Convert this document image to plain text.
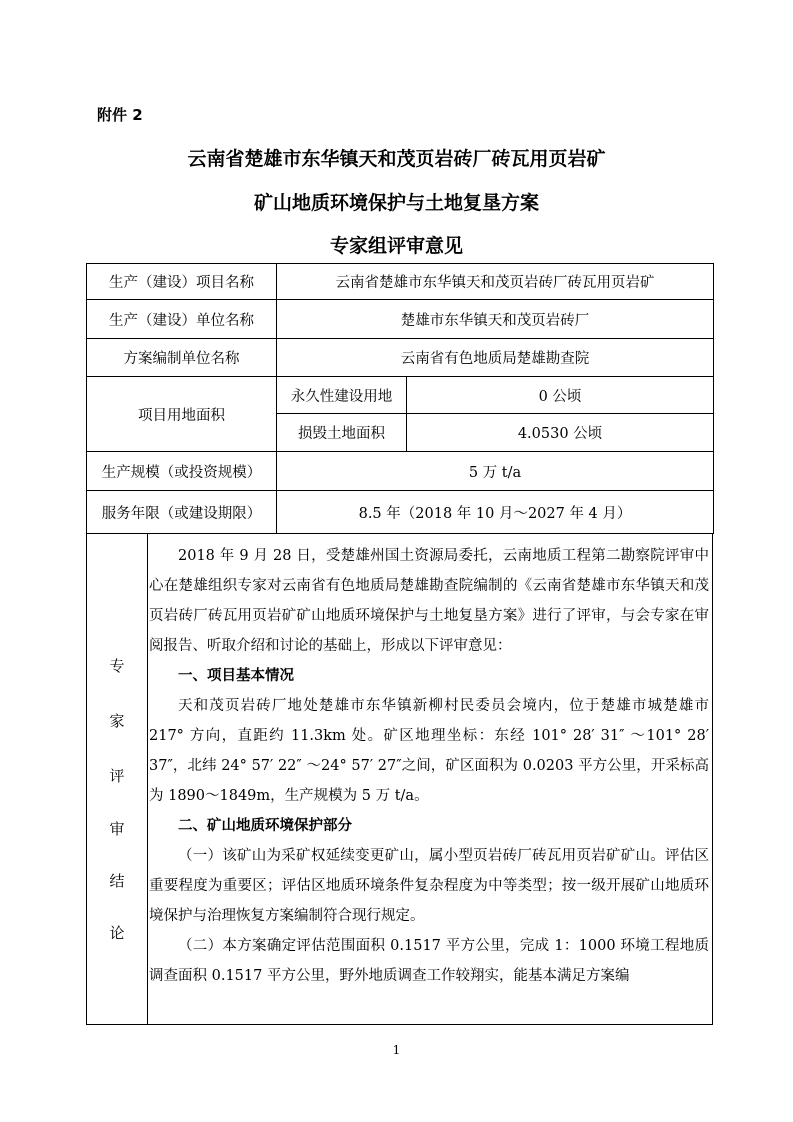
附件 2
云南省楚雄市东华镇天和茂页岩砖厂砖瓦用页岩矿
矿山地质环境保护与土地复垦方案
专家组评审意见
生产（建设）项目名称	云南省楚雄市东华镇天和茂页岩砖厂砖瓦用页岩矿	
生产（建设）单位名称	楚雄市东华镇天和茂页岩砖厂	
方案编制单位名称	云南省有色地质局楚雄勘查院	
项目用地面积	永久性建设用地	0 公顷
	损毁土地面积	4.0530 公顷
生产规模（或投资规模）	5 万 t/a	
服务年限（或建设期限）	8.5 年（2018 年 10 月～2027 年 4 月）	
专
家
评
审
结
论

2018 年 9 月 28 日，受楚雄州国土资源局委托，云南地质工程第二勘察院评审中心在楚雄组织专家对云南省有色地质局楚雄勘查院编制的《云南省楚雄市东华镇天和茂页岩砖厂砖瓦用页岩矿矿山地质环境保护与土地复垦方案》进行了评审，与会专家在审阅报告、听取介绍和讨论的基础上，形成以下评审意见：

一、项目基本情况

天和茂页岩砖厂地处楚雄市东华镇新柳村民委员会境内，位于楚雄市城楚雄市 217° 方向，直距约 11.3km 处。矿区地理坐标：东经 101° 28′ 31″ ～101° 28′ 37″，北纬 24° 57′ 22″ ～24° 57′ 27″之间，矿区面积为 0.0203 平方公里，开采标高为 1890～1849m，生产规模为 5 万 t/a。

二、矿山地质环境保护部分

（一）该矿山为采矿权延续变更矿山，属小型页岩砖厂砖瓦用页岩矿矿山。评估区重要程度为重要区；评估区地质环境条件复杂程度为中等类型；按一级开展矿山地质环境保护与治理恢复方案编制符合现行规定。

（二）本方案确定评估范围面积 0.1517 平方公里，完成 1：1000 环境工程地质调查面积 0.1517 平方公里，野外地质调查工作较翔实，能基本满足方案编

1
